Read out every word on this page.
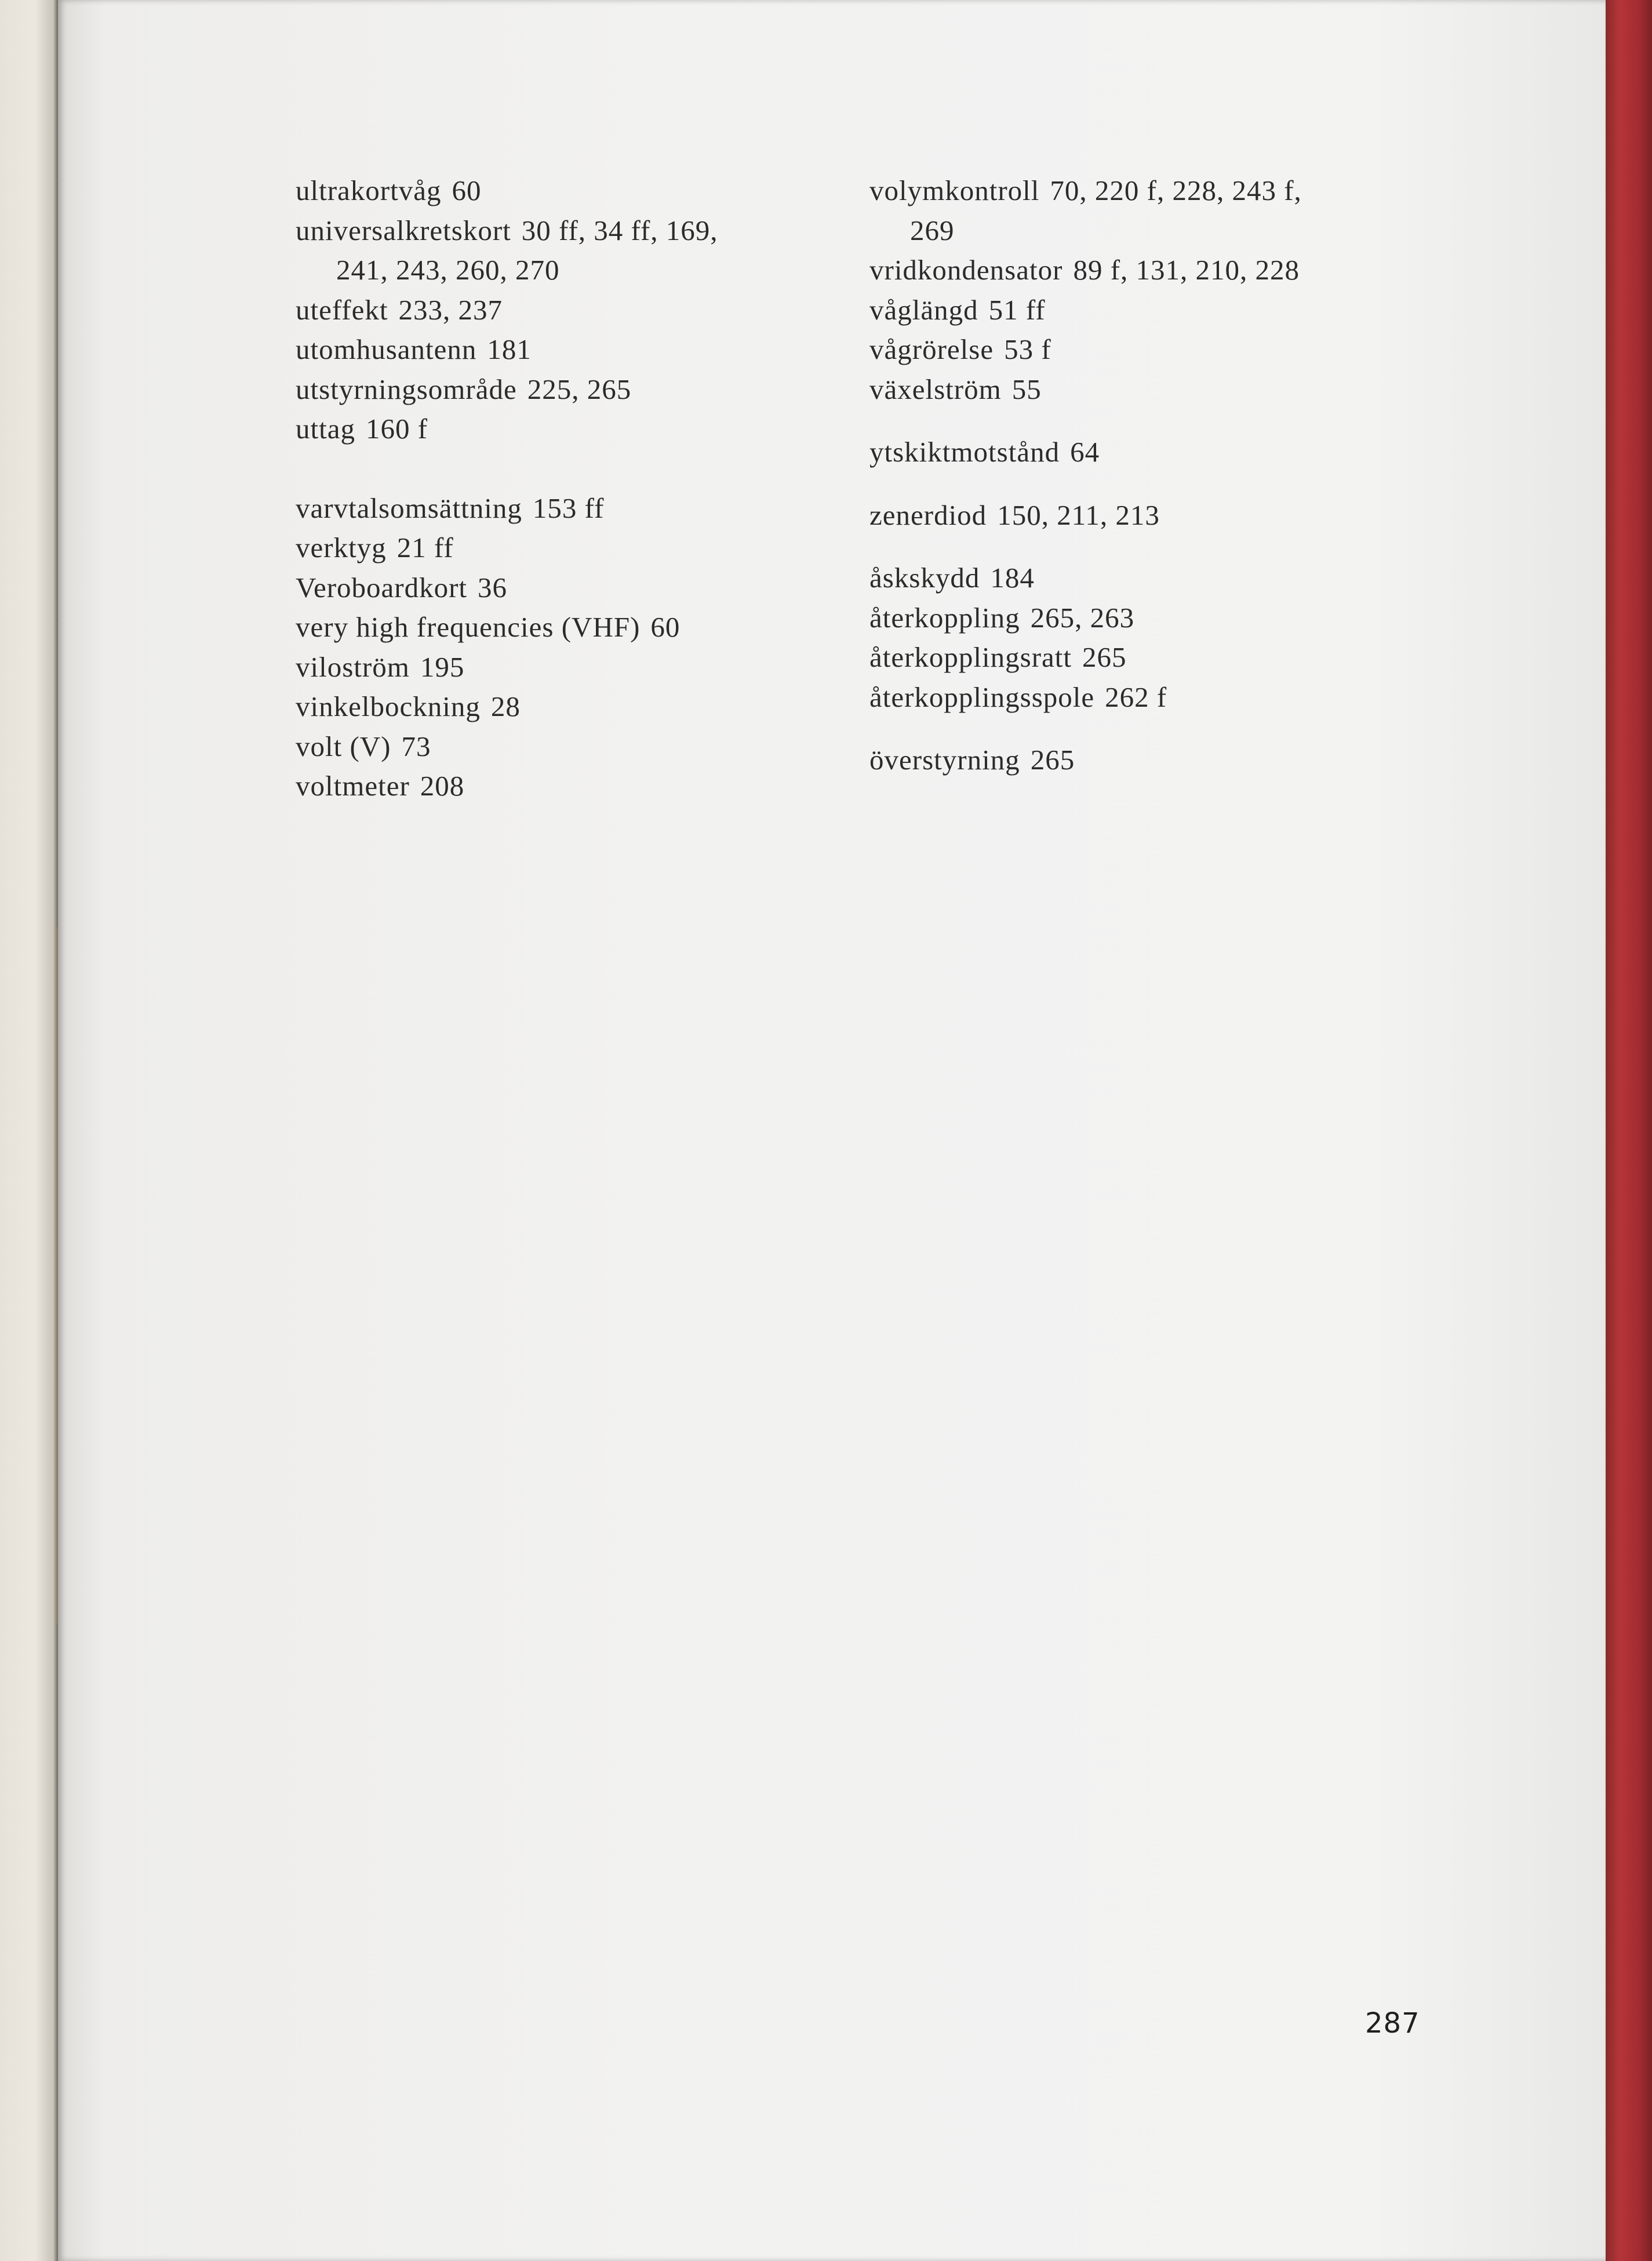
ultrakortvåg 60
universalkretskort 30 ff, 34 ff, 169,
241, 243, 260, 270
uteffekt 233, 237
utomhusantenn 181
utstyrningsområde 225, 265
uttag 160 f
varvtalsomsättning 153 ff
verktyg 21 ff
Veroboardkort 36
very high frequencies (VHF) 60
viloström 195
vinkelbockning 28
volt (V) 73
voltmeter 208
volymkontroll 70, 220 f, 228, 243 f,
269
vridkondensator 89 f, 131, 210, 228
våglängd 51 ff
vågrörelse 53 f
växelström 55
ytskiktmotstånd 64
zenerdiod 150, 211, 213
åskskydd 184
återkoppling 265, 263
återkopplingsratt 265
återkopplingsspole 262 f
överstyrning 265
287
